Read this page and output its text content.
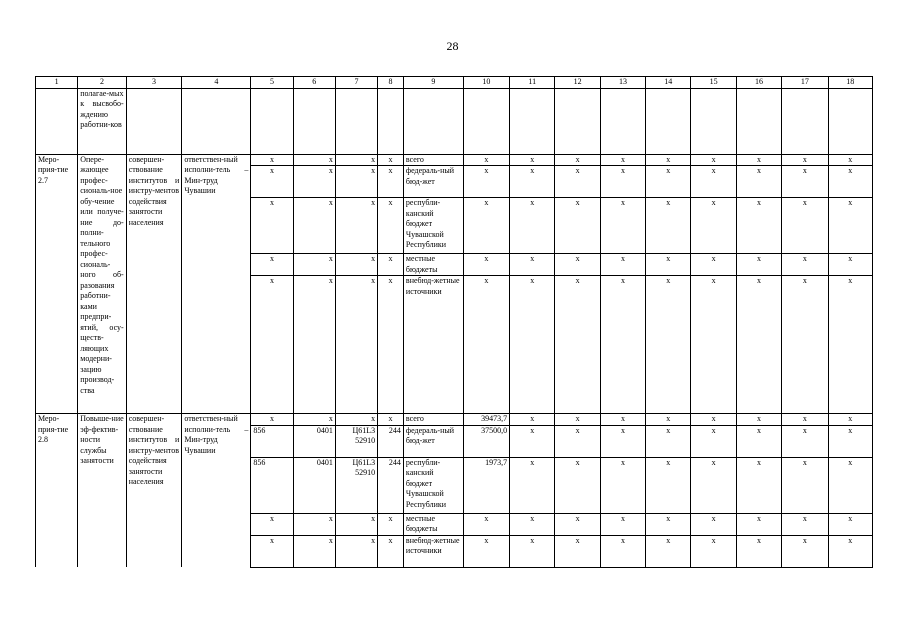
28
1	2	3	4	5	6	7	8	9	10	11	12	13	14	15	16	17	18
	полагае-мых к высвобо-ждению работни-ков																
Меро-прия-тие 2.7	Опере-жающее профес-сиональ-ное обу-чение или получе-ние до-полни-тельного профес-сиональ-ного об-разования работни-ками предпри-ятий, осу-ществ-ляющих модерни-зацию производ-ства	совершен-ствование институтов и инстру-ментов содействия занятости населения	ответствен-ный исполни-тель – Мин-труд Чувашии	х	х	х	х	всего	х	х	х	х	х	х	х	х	х
				х	х	х	х	федераль-ный бюд-жет	х	х	х	х	х	х	х	х	х
				х	х	х	х	республи-канский бюджет Чувашской Республики	х	х	х	х	х	х	х	х	х
				х	х	х	х	местные бюджеты	х	х	х	х	х	х	х	х	х
				х	х	х	х	внебюд-жетные источники	х	х	х	х	х	х	х	х	х
Меро-прия-тие 2.8	Повыше-ние эф-фектив-ности службы занятости	совершен-ствование институтов и инстру-ментов содействия занятости населения	ответствен-ный исполни-тель – Мин-труд Чувашии	х	х	х	х	всего	39473,7	х	х	х	х	х	х	х	х
				856	0401	Ц61L3 52910	244	федераль-ный бюд-жет	37500,0	х	х	х	х	х	х	х	х
				856	0401	Ц61L3 52910	244	республи-канский бюджет Чувашской Республики	1973,7	х	х	х	х	х	х	х	х
				х	х	х	х	местные бюджеты	х	х	х	х	х	х	х	х	х
				х	х	х	х	внебюд-жетные источники	х	х	х	х	х	х	х	х	х
